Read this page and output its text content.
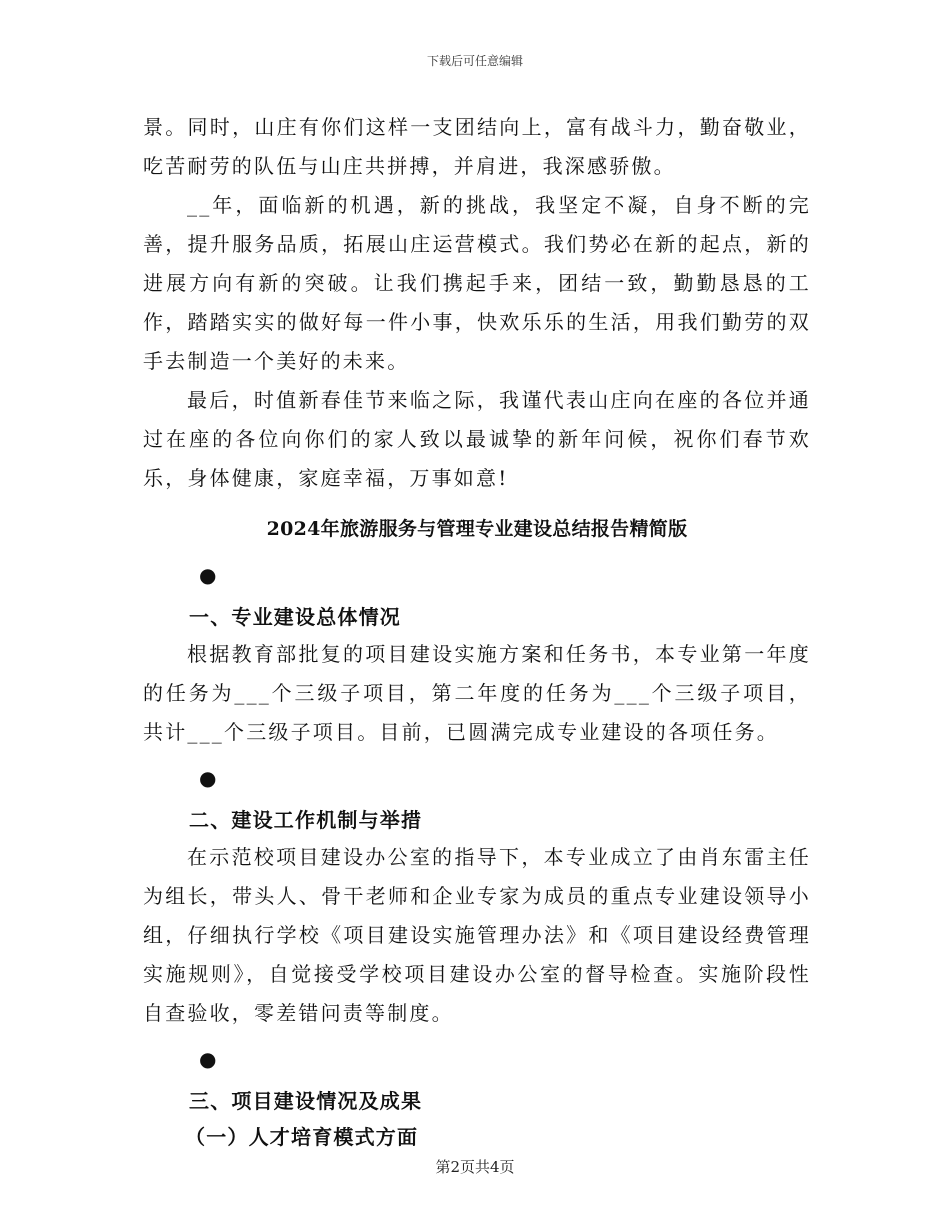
下载后可任意编辑

景。同时，山庄有你们这样一支团结向上，富有战斗力，勤奋敬业，吃苦耐劳的队伍与山庄共拼搏，并肩进，我深感骄傲。

__年，面临新的机遇，新的挑战，我坚定不凝，自身不断的完善，提升服务品质，拓展山庄运营模式。我们势必在新的起点，新的进展方向有新的突破。让我们携起手来，团结一致，勤勤恳恳的工作，踏踏实实的做好每一件小事，快欢乐乐的生活，用我们勤劳的双手去制造一个美好的未来。

最后，时值新春佳节来临之际，我谨代表山庄向在座的各位并通过在座的各位向你们的家人致以最诚挚的新年问候，祝你们春节欢乐，身体健康，家庭幸福，万事如意!

2024年旅游服务与管理专业建设总结报告精简版

●

一、专业建设总体情况

根据教育部批复的项目建设实施方案和任务书，本专业第一年度的任务为___个三级子项目，第二年度的任务为___个三级子项目，共计___个三级子项目。目前，已圆满完成专业建设的各项任务。

●

二、建设工作机制与举措

在示范校项目建设办公室的指导下，本专业成立了由肖东雷主任为组长，带头人、骨干老师和企业专家为成员的重点专业建设领导小组，仔细执行学校《项目建设实施管理办法》和《项目建设经费管理实施规则》，自觉接受学校项目建设办公室的督导检查。实施阶段性自查验收，零差错问责等制度。

●

三、项目建设情况及成果

（一）人才培育模式方面

第2页共4页
